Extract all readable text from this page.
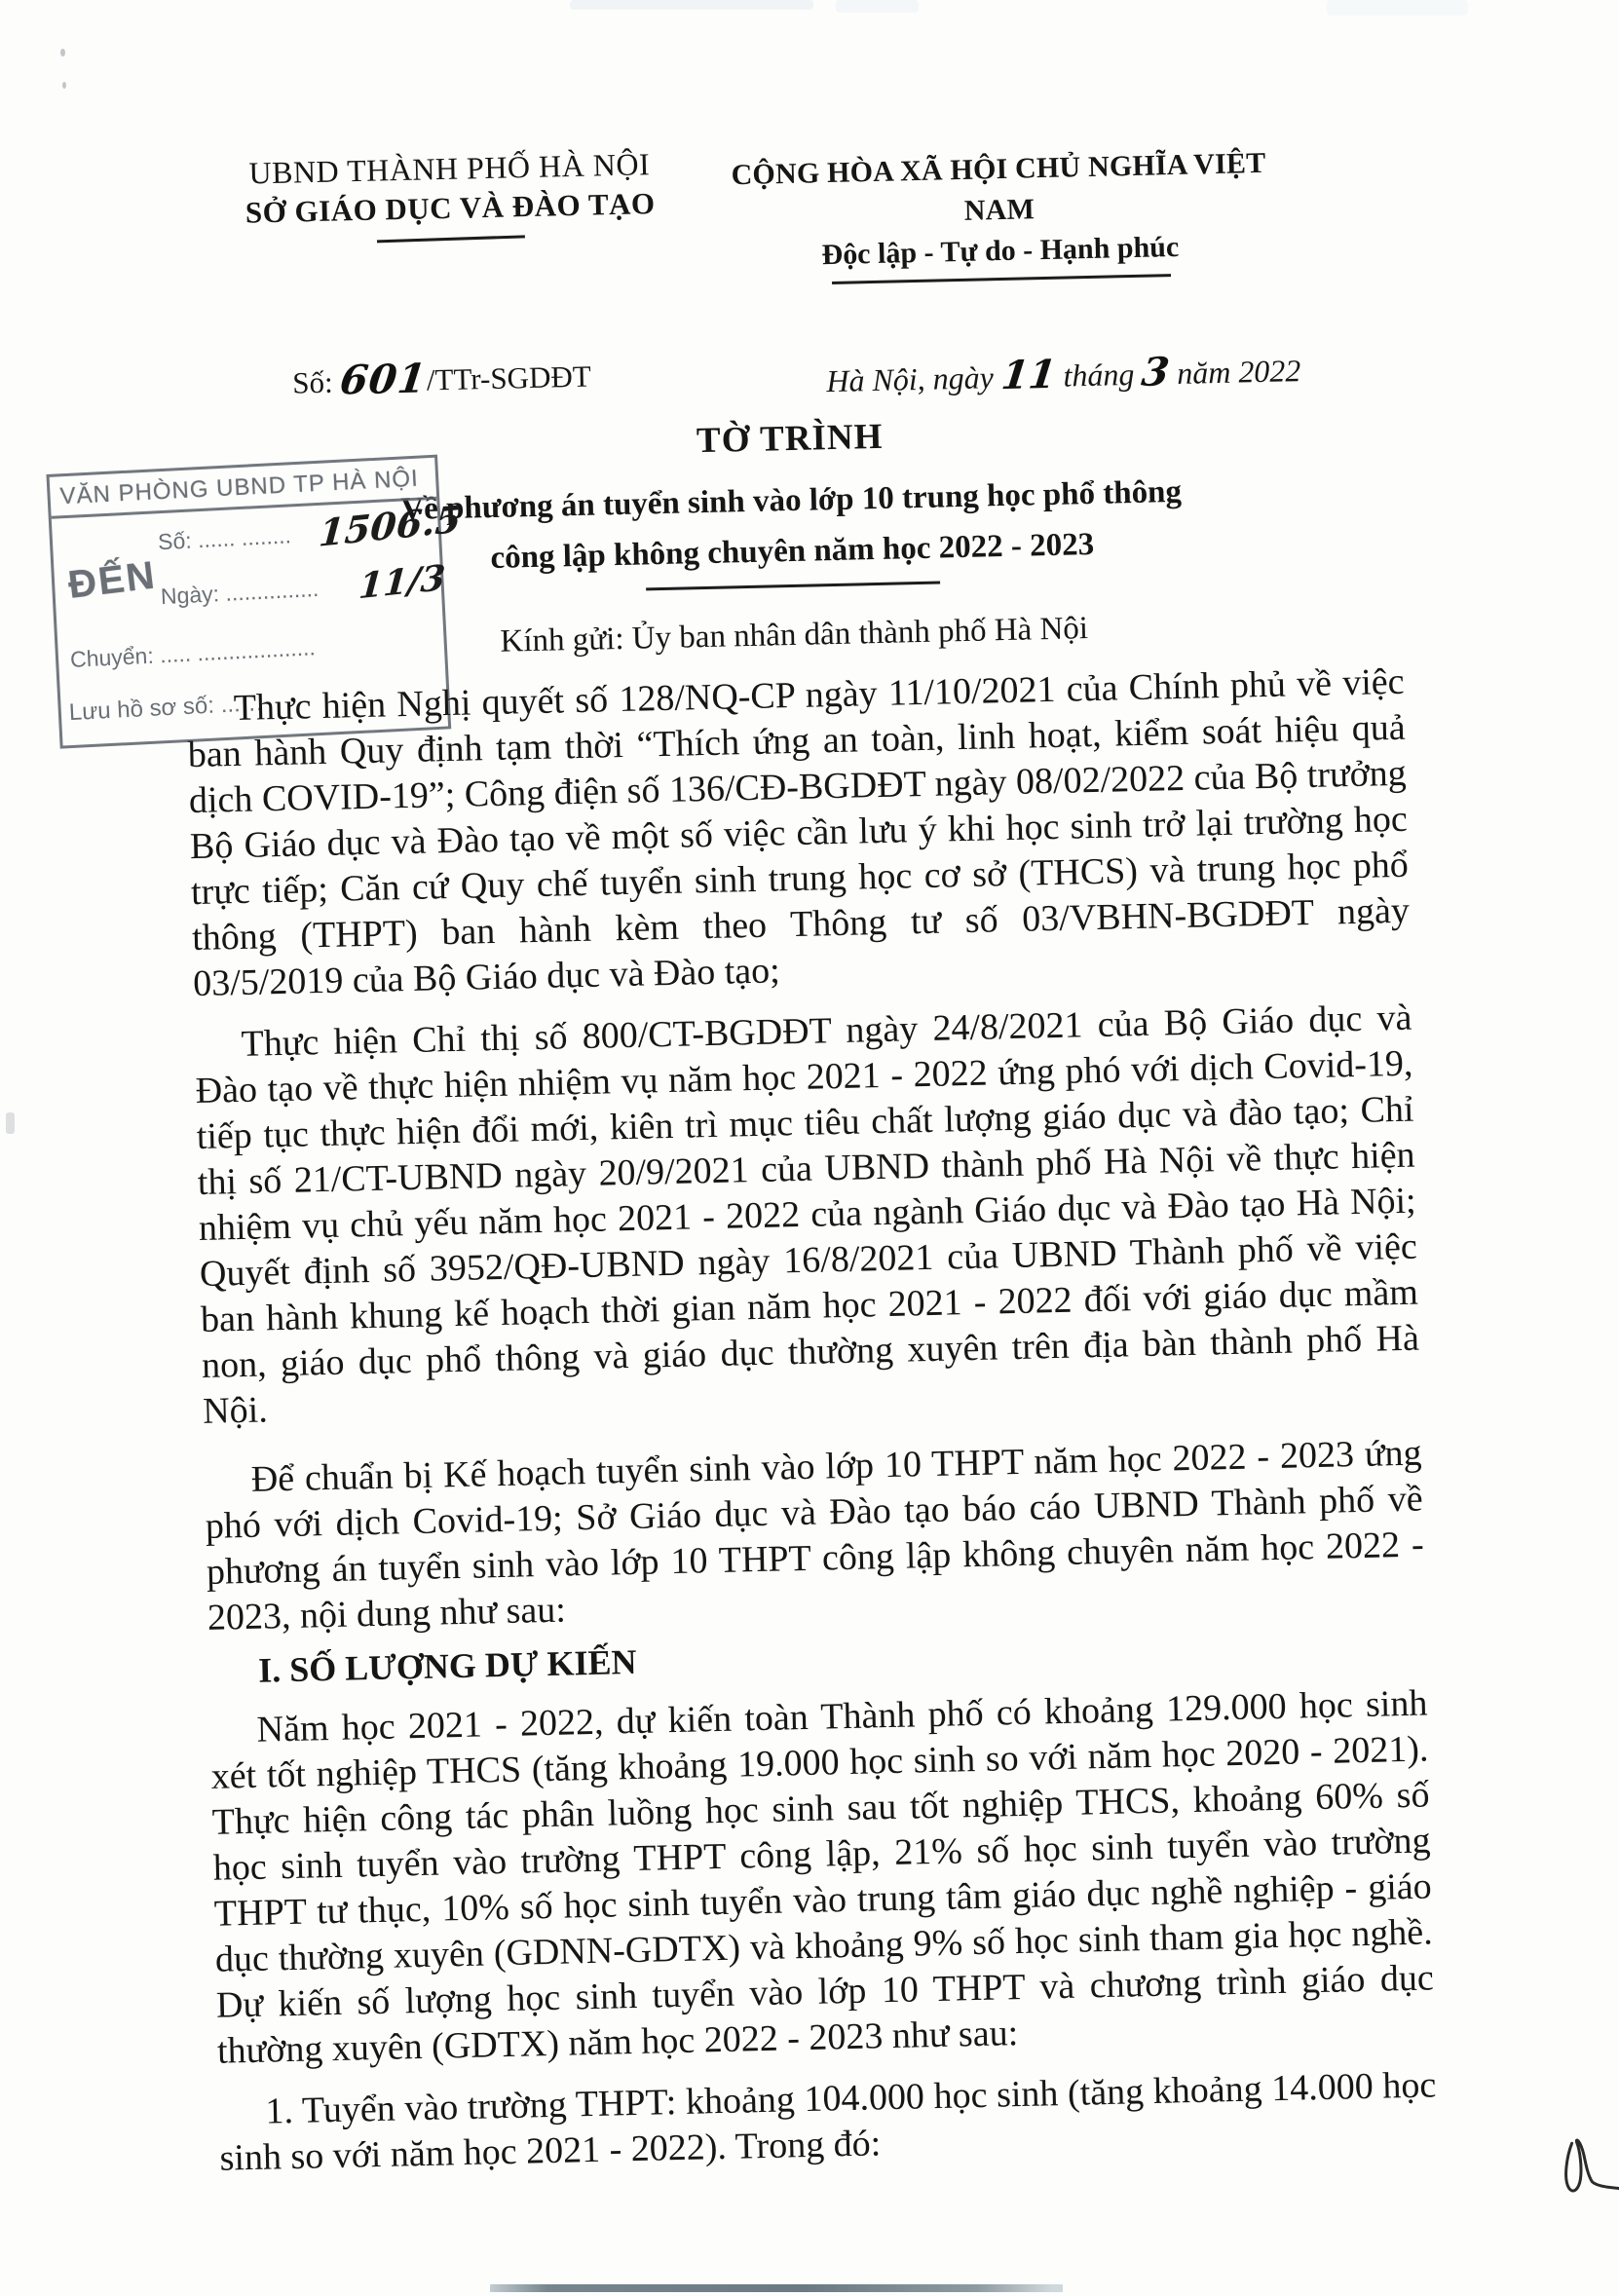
UBND THÀNH PHỐ HÀ NỘI
SỞ GIÁO DỤC VÀ ĐÀO TẠO
CỘNG HÒA XÃ HỘI CHỦ NGHĨA VIỆT NAM
Độc lập - Tự do - Hạnh phúc
Số: 601/TTr-SGDĐT	Hà Nội, ngày 11 tháng 3 năm 2022
TỜ TRÌNH
Về phương án tuyển sinh vào lớp 10 trung học phổ thông
công lập không chuyên năm học 2022 - 2023
Kính gửi: Ủy ban nhân dân thành phố Hà Nội
VĂN PHÒNG UBND TP HÀ NỘI
ĐẾN
Số: ....	1506.5
.. ........
Ngày: ....	11/3
...........
Chuyển: ..... ...................
Lưu hồ sơ số: ...…

Thực hiện Nghị quyết số 128/NQ-CP ngày 11/10/2021 của Chính phủ về việc ban hành Quy định tạm thời “Thích ứng an toàn, linh hoạt, kiểm soát hiệu quả dịch COVID-19”; Công điện số 136/CĐ-BGDĐT ngày 08/02/2022 của Bộ trưởng Bộ Giáo dục và Đào tạo về một số việc cần lưu ý khi học sinh trở lại trường học trực tiếp; Căn cứ Quy chế tuyển sinh trung học cơ sở (THCS) và trung học phổ thông (THPT) ban hành kèm theo Thông tư số 03/VBHN-BGDĐT ngày 03/5/2019 của Bộ Giáo dục và Đào tạo;

Thực hiện Chỉ thị số 800/CT-BGDĐT ngày 24/8/2021 của Bộ Giáo dục và Đào tạo về thực hiện nhiệm vụ năm học 2021 - 2022 ứng phó với dịch Covid-19, tiếp tục thực hiện đổi mới, kiên trì mục tiêu chất lượng giáo dục và đào tạo; Chỉ thị số 21/CT-UBND ngày 20/9/2021 của UBND thành phố Hà Nội về thực hiện nhiệm vụ chủ yếu năm học 2021 - 2022 của ngành Giáo dục và Đào tạo Hà Nội; Quyết định số 3952/QĐ-UBND ngày 16/8/2021 của UBND Thành phố về việc ban hành khung kế hoạch thời gian năm học 2021 - 2022 đối với giáo dục mầm non, giáo dục phổ thông và giáo dục thường xuyên trên địa bàn thành phố Hà Nội.

Để chuẩn bị Kế hoạch tuyển sinh vào lớp 10 THPT năm học 2022 - 2023 ứng phó với dịch Covid-19; Sở Giáo dục và Đào tạo báo cáo UBND Thành phố về phương án tuyển sinh vào lớp 10 THPT công lập không chuyên năm học 2022 - 2023, nội dung như sau:

I. SỐ LƯỢNG DỰ KIẾN

Năm học 2021 - 2022, dự kiến toàn Thành phố có khoảng 129.000 học sinh xét tốt nghiệp THCS (tăng khoảng 19.000 học sinh so với năm học 2020 - 2021). Thực hiện công tác phân luồng học sinh sau tốt nghiệp THCS, khoảng 60% số học sinh tuyển vào trường THPT công lập, 21% số học sinh tuyển vào trường THPT tư thục, 10% số học sinh tuyển vào trung tâm giáo dục nghề nghiệp - giáo dục thường xuyên (GDNN-GDTX) và khoảng 9% số học sinh tham gia học nghề. Dự kiến số lượng học sinh tuyển vào lớp 10 THPT và chương trình giáo dục thường xuyên (GDTX) năm học 2022 - 2023 như sau:

1. Tuyển vào trường THPT: khoảng 104.000 học sinh (tăng khoảng 14.000 học sinh so với năm học 2021 - 2022). Trong đó:
